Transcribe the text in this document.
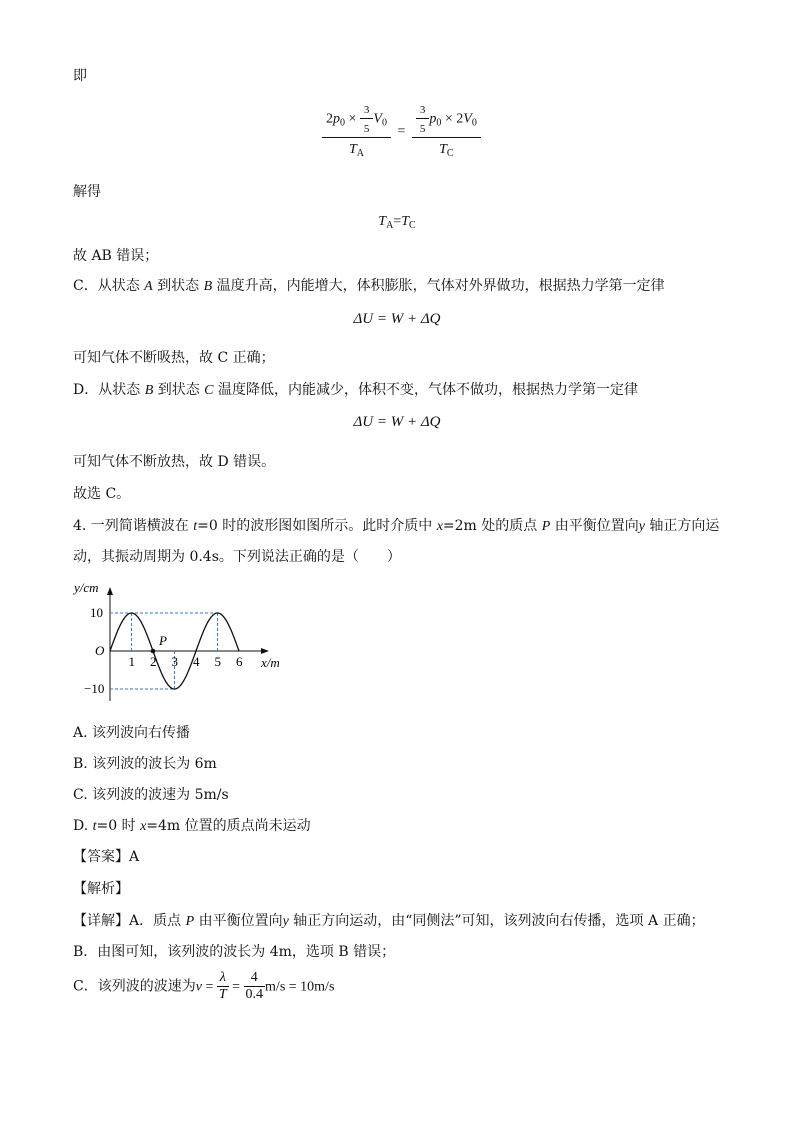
即
$\frac{2p_0 \times \frac{3}{5} V_0}{T_A} = \frac{\frac{3}{5} p_0 \times 2V_0}{T_C}$
解得
$T_A=T_C$
故 AB 错误；
C．从状态 A 到状态 B 温度升高，内能增大，体积膨胀，气体对外界做功，根据热力学第一定律
ΔU = W + ΔQ
可知气体不断吸热，故 C 正确；
D．从状态 B 到状态 C 温度降低，内能减少，体积不变，气体不做功，根据热力学第一定律
ΔU = W + ΔQ
可知气体不断放热，故 D 错误。
故选 C。
4. 一列简谐横波在 t=0 时的波形图如图所示。此时介质中 x=2m 处的质点 P 由平衡位置向y 轴正方向运
动，其振动周期为 0.4s。下列说法正确的是（　　）
y/cm
x/m
O
10
−10
1 2 3 4 5 6
P
A. 该列波向右传播
B. 该列波的波长为 6m
C. 该列波的波速为 5m/s
D. t=0 时 x=4m 位置的质点尚未运动
【答案】A
【解析】
【详解】A．质点 P 由平衡位置向y 轴正方向运动，由“同侧法”可知，该列波向右传播，选项 A 正确；
B．由图可知，该列波的波长为 4m，选项 B 错误；
C．该列波的波速为$v = \frac{\lambda}{T} = \frac{4}{0.4} m/s = 10m/s$
